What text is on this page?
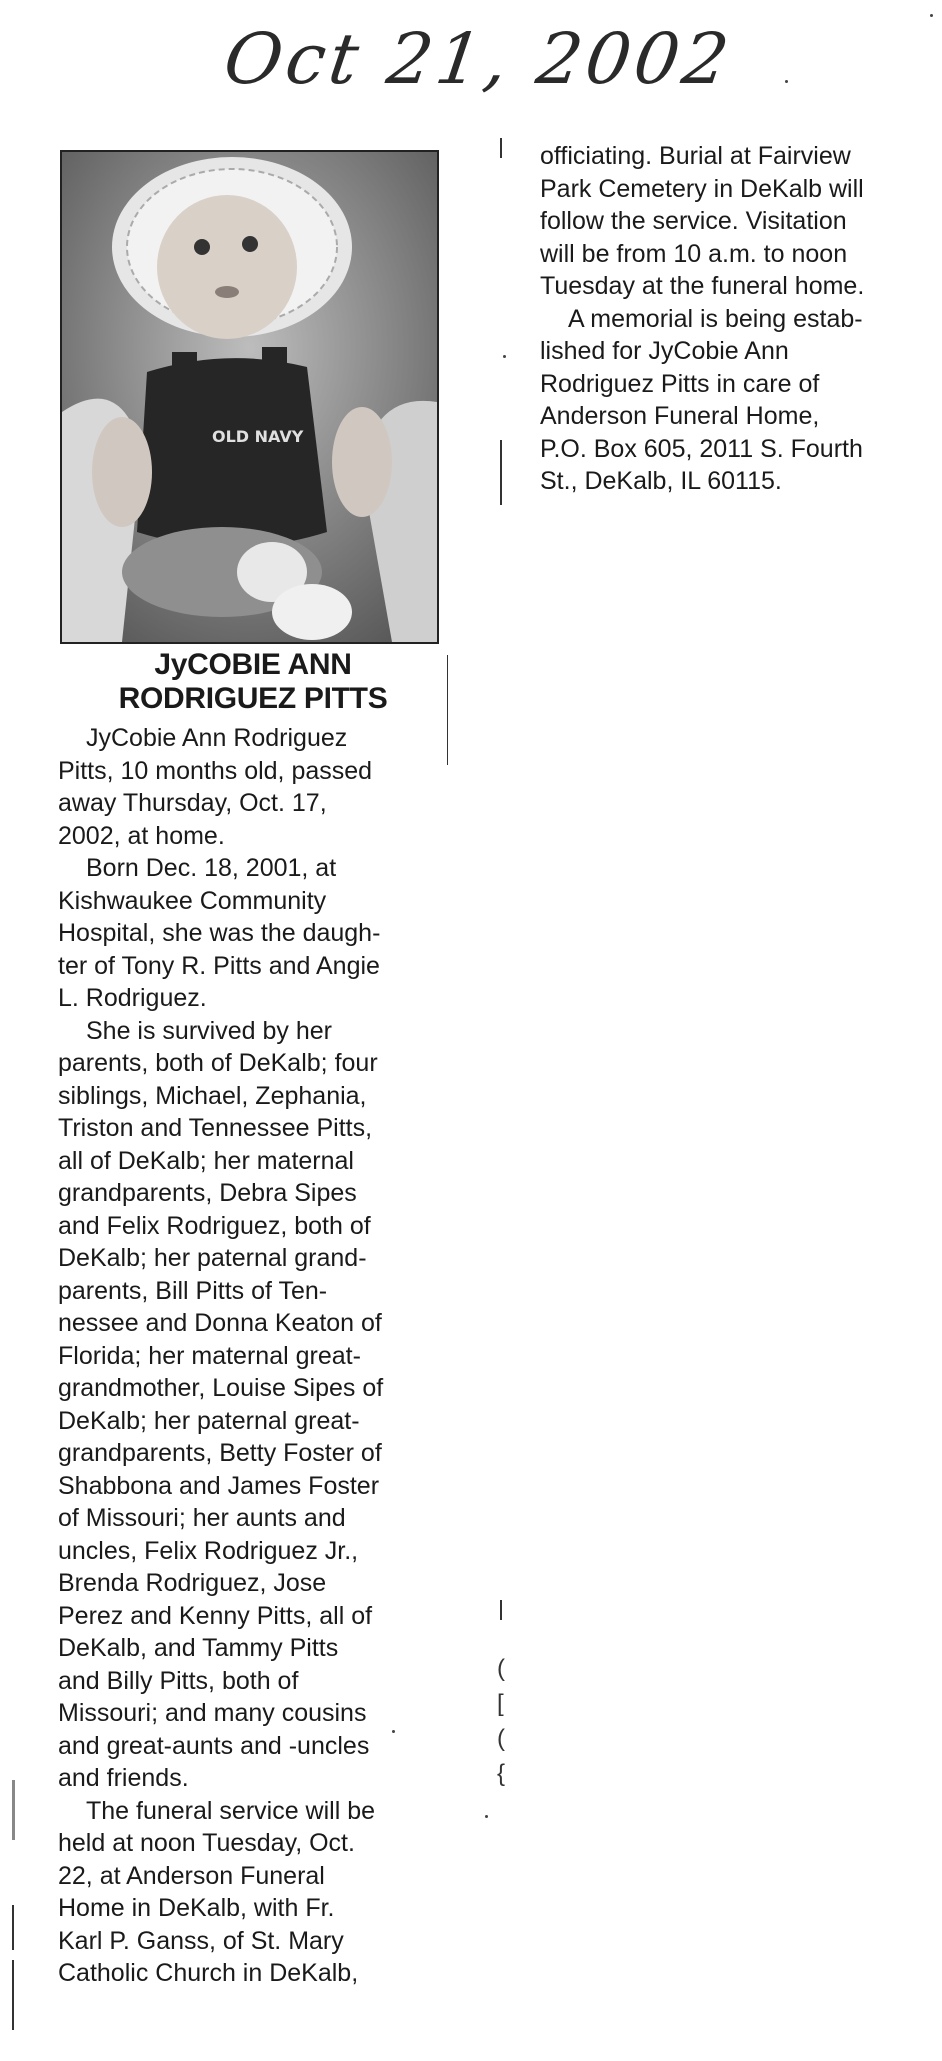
Oct 21, 2002
OLD NAVY
JyCOBIE ANN
RODRIGUEZ PITTS

JyCobie Ann Rodriguez
Pitts, 10 months old, passed
away Thursday, Oct. 17,
2002, at home.

Born Dec. 18, 2001, at
Kishwaukee Community
Hospital, she was the daugh-
ter of Tony R. Pitts and Angie
L. Rodriguez.

She is survived by her
parents, both of DeKalb; four
siblings, Michael, Zephania,
Triston and Tennessee Pitts,
all of DeKalb; her maternal
grandparents, Debra Sipes
and Felix Rodriguez, both of
DeKalb; her paternal grand-
parents, Bill Pitts of Ten-
nessee and Donna Keaton of
Florida; her maternal great-
grandmother, Louise Sipes of
DeKalb; her paternal great-
grandparents, Betty Foster of
Shabbona and James Foster
of Missouri; her aunts and
uncles, Felix Rodriguez Jr.,
Brenda Rodriguez, Jose
Perez and Kenny Pitts, all of
DeKalb, and Tammy Pitts
and Billy Pitts, both of
Missouri; and many cousins
and great-aunts and -uncles
and friends.

The funeral service will be
held at noon Tuesday, Oct.
22, at Anderson Funeral
Home in DeKalb, with Fr.
Karl P. Ganss, of St. Mary
Catholic Church in DeKalb,

officiating. Burial at Fairview
Park Cemetery in DeKalb will
follow the service. Visitation
will be from 10 a.m. to noon
Tuesday at the funeral home.

A memorial is being estab-
lished for JyCobie Ann
Rodriguez Pitts in care of
Anderson Funeral Home,
P.O. Box 605, 2011 S. Fourth
St., DeKalb, IL 60115.

(
[
(
{
